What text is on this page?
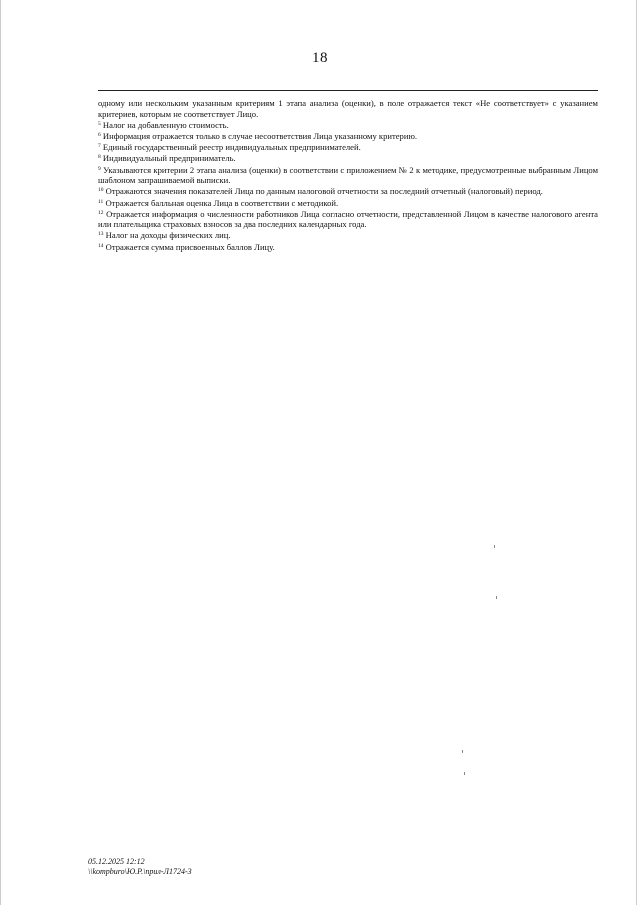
18

одному или нескольким указанным критериям 1 этапа анализа (оценки), в поле отражается текст «Не соответствует» с указанием критериев, которым не соответствует Лицо.

$^5$ Налог на добавленную стоимость.

$^6$ Информация отражается только в случае несоответствия Лица указанному критерию.

$^7$ Единый государственный реестр индивидуальных предпринимателей.

$^8$ Индивидуальный предприниматель.

$^9$ Указываются критерии 2 этапа анализа (оценки) в соответствии с приложением № 2 к методике, предусмотренные выбранным Лицом шаблоном запрашиваемой выписки.

$^{10}$ Отражаются значения показателей Лица по данным налоговой отчетности за последний отчетный (налоговый) период.

$^{11}$ Отражается балльная оценка Лица в соответствии с методикой.

$^{12}$ Отражается информация о численности работников Лица согласно отчетности, представленной Лицом в качестве налогового агента или плательщика страховых взносов за два последних календарных года.

$^{13}$ Налог на доходы физических лиц.

$^{14}$ Отражается сумма присвоенных баллов Лицу.

05.12.2025 12:12
\\kompburo\Ю.Р.\прил-Л1724-3
